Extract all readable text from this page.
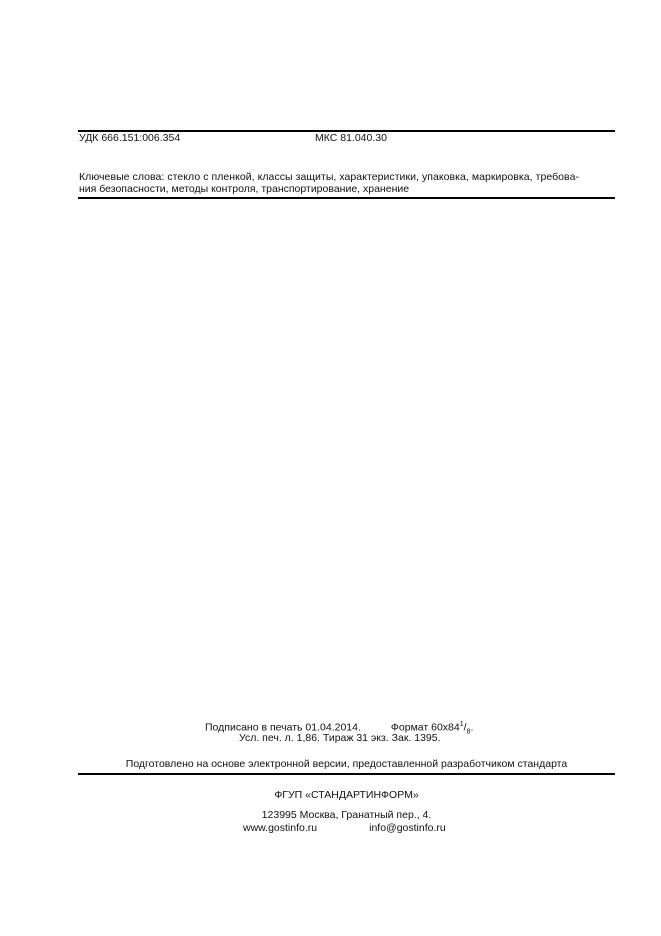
УДК 666.151:006.354	МКС 81.040.30
Ключевые слова: стекло с пленкой, классы защиты, характеристики, упаковка, маркировка, требова-
ния безопасности, методы контроля, транспортирование, хранение
Подписано в печать 01.04.2014.	Формат $60х84^1/_8$.
Усл. печ. л. 1,86. Тираж 31 экз. Зак. 1395.
Подготовлено на основе электронной версии, предоставленной разработчиком стандарта
ФГУП «СТАНДАРТИНФОРМ»
123995 Москва, Гранатный пер., 4.
www.gostinfo.ru	info@gostinfo.ru
